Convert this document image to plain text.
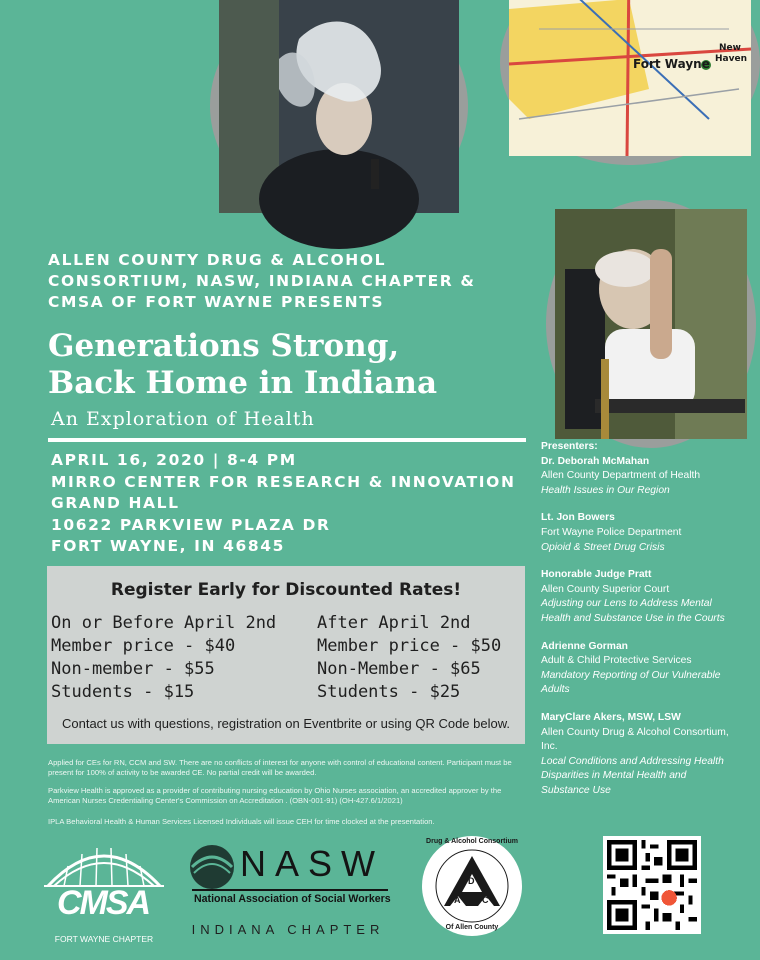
Fort Wayne
New
Haven
ALLEN COUNTY DRUG & ALCOHOL CONSORTIUM, NASW, INDIANA CHAPTER & CMSA OF FORT WAYNE PRESENTS
Generations Strong,
Back Home in Indiana
An Exploration of Health
APRIL 16, 2020 | 8-4 PM
MIRRO CENTER FOR RESEARCH & INNOVATION
GRAND HALL
10622 PARKVIEW PLAZA DR
FORT WAYNE, IN 46845
Register Early for Discounted Rates!
On or Before April 2nd
Member price - $40
Non-member - $55
Students - $15
After April 2nd
Member price - $50
Non-Member - $65
Students - $25
Contact us with questions, registration on Eventbrite or using QR Code below.
Applied for CEs for RN, CCM and SW. There are no conflicts of interest for anyone with control of educational content. Participant must be present for 100% of activity to be awarded CE. No partial credit will be awarded.
Parkview Health is approved as a provider of contributing nursing education by Ohio Nurses association, an accredited approver by the American Nurses Credentialing Center's Commission on Accreditation . (OBN-001-91) (OH-427.6/1/2021)
IPLA Behavioral Health & Human Services Licensed Individuals will issue CEH for time clocked at the presentation.
Presenters:
Dr. Deborah McMahan
Allen County Department of Health
Health Issues in Our Region
Lt. Jon Bowers
Fort Wayne Police Department
Opioid & Street Drug Crisis
Honorable Judge Pratt
Allen County Superior Court
Adjusting our Lens to Address Mental Health and Substance Use in the Courts
Adrienne Gorman
Adult & Child Protective Services
Mandatory Reporting of Our Vulnerable Adults
MaryClare Akers, MSW, LSW
Allen County Drug & Alcohol Consortium, Inc.
Local Conditions and Addressing Health Disparities in Mental Health and Substance Use
CMSA
FORT WAYNE CHAPTER
NASW
National Association of Social Workers
INDIANA CHAPTER
Drug & Alcohol Consortium
Of Allen County
D
A C
